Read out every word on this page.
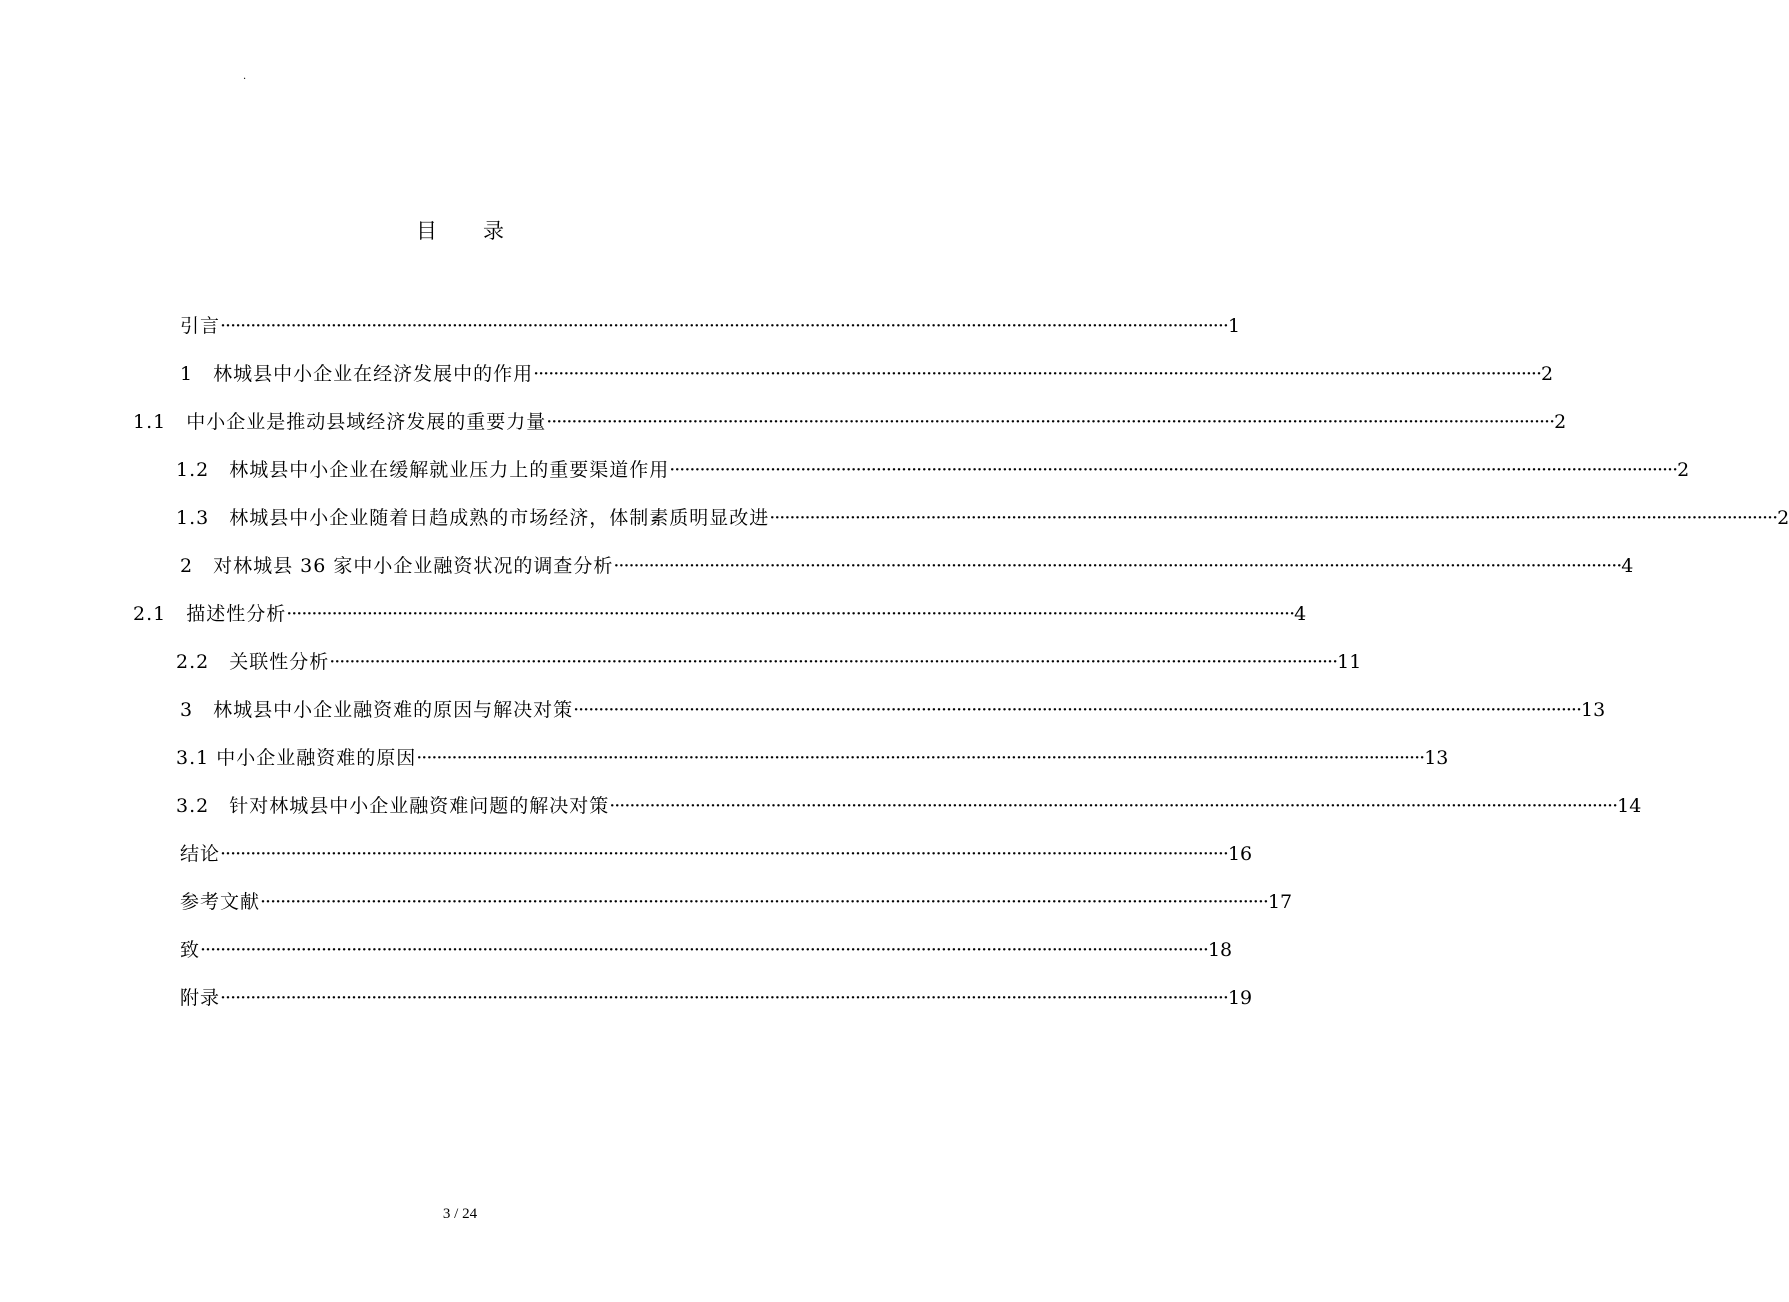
.
目录
引言 ········································································································································································································ 1
1　林城县中小企业在经济发展中的作用 ········································································································································································································ 2
1.1　中小企业是推动县域经济发展的重要力量 ········································································································································································································ 2
1.2　林城县中小企业在缓解就业压力上的重要渠道作用 ········································································································································································································ 2
1.3　林城县中小企业随着日趋成熟的市场经济，体制素质明显改进 ········································································································································································································ 2
2　对林城县 36 家中小企业融资状况的调查分析 ········································································································································································································ 4
2.1　描述性分析 ········································································································································································································ 4
2.2　关联性分析 ········································································································································································································ 11
3　林城县中小企业融资难的原因与解决对策 ········································································································································································································ 13
3.1 中小企业融资难的原因 ········································································································································································································ 13
3.2　针对林城县中小企业融资难问题的解决对策 ········································································································································································································ 14
结论 ········································································································································································································ 16
参考文献 ········································································································································································································ 17
致 ········································································································································································································ 18
附录 ········································································································································································································ 19
3 / 24
